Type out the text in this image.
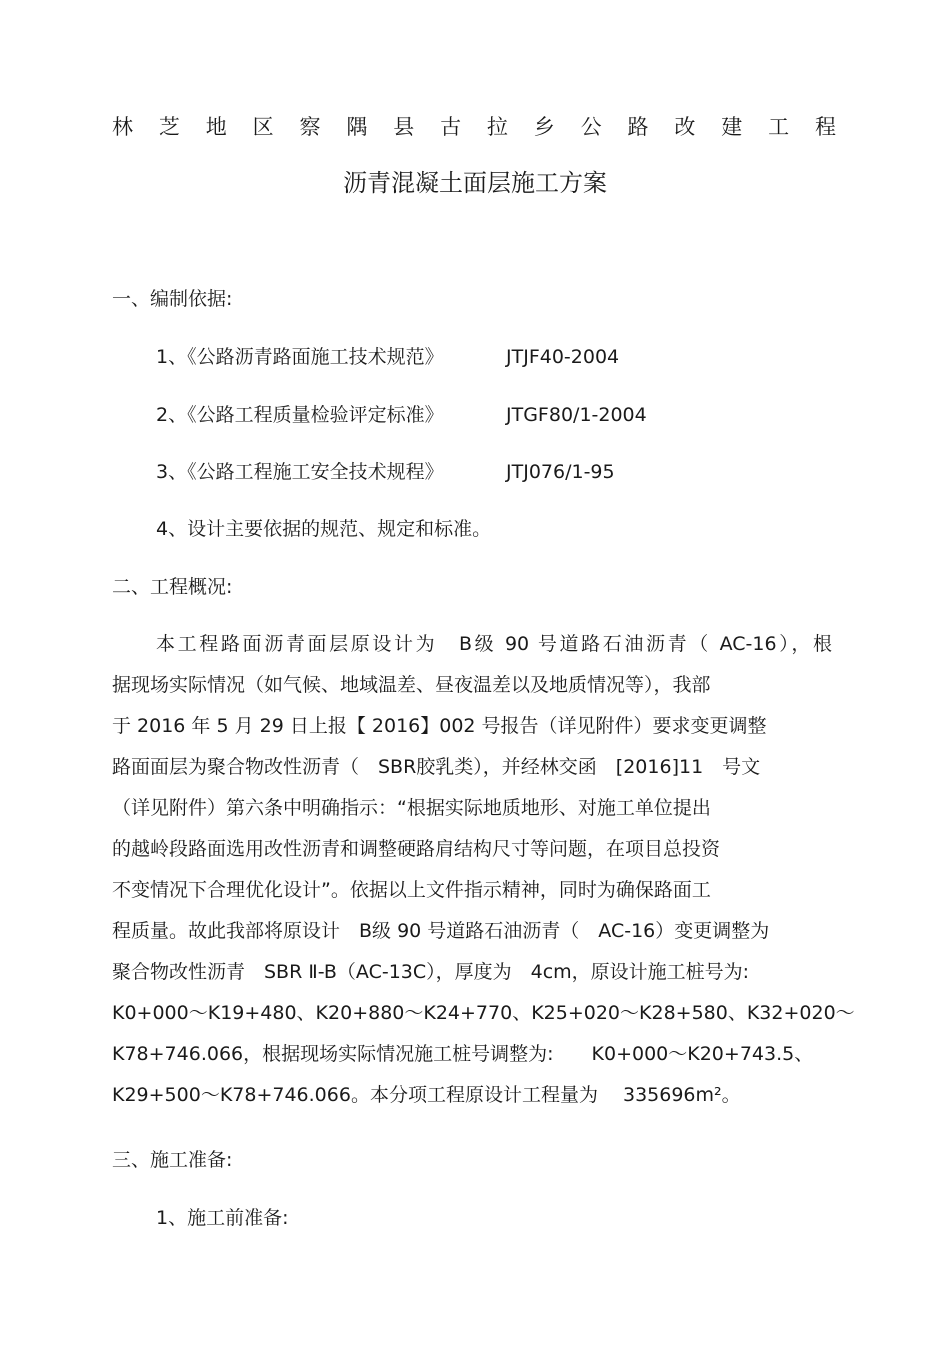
林芝地区察隅县古拉乡公路改建工程
沥青混凝土面层施工方案
一、编制依据:
1、《公路沥青路面施工技术规范》	JTJF40-2004
2、《公路工程质量检验评定标准》	JTGF80/1-2004
3、《公路工程施工安全技术规程》	JTJ076/1-95
4、设计主要依据的规范、规定和标准。
二、工程概况:
本工程路面沥青面层原设计为　B级 90 号道路石油沥青（ AC-16），根
据现场实际情况（如气候、地域温差、昼夜温差以及地质情况等），我部
于 2016 年 5 月 29 日上报【 2016】002 号报告（详见附件）要求变更调整
路面面层为聚合物改性沥青（　SBR胶乳类），并经林交函　[2016]11　号文
（详见附件）第六条中明确指示：“根据实际地质地形、对施工单位提出
的越岭段路面选用改性沥青和调整硬路肩结构尺寸等问题，在项目总投资
不变情况下合理优化设计”。依据以上文件指示精神，同时为确保路面工
程质量。故此我部将原设计　B级 90 号道路石油沥青（　AC-16）变更调整为
聚合物改性沥青　SBR Ⅱ-B（AC-13C），厚度为　4cm，原设计施工桩号为:
K0+000～K19+480、K20+880～K24+770、K25+020～K28+580、K32+020～
K78+746.066，根据现场实际情况施工桩号调整为:　　K0+000～K20+743.5、
K29+500～K78+746.066。本分项工程原设计工程量为　 335696m²。
三、施工准备:
1、施工前准备:
